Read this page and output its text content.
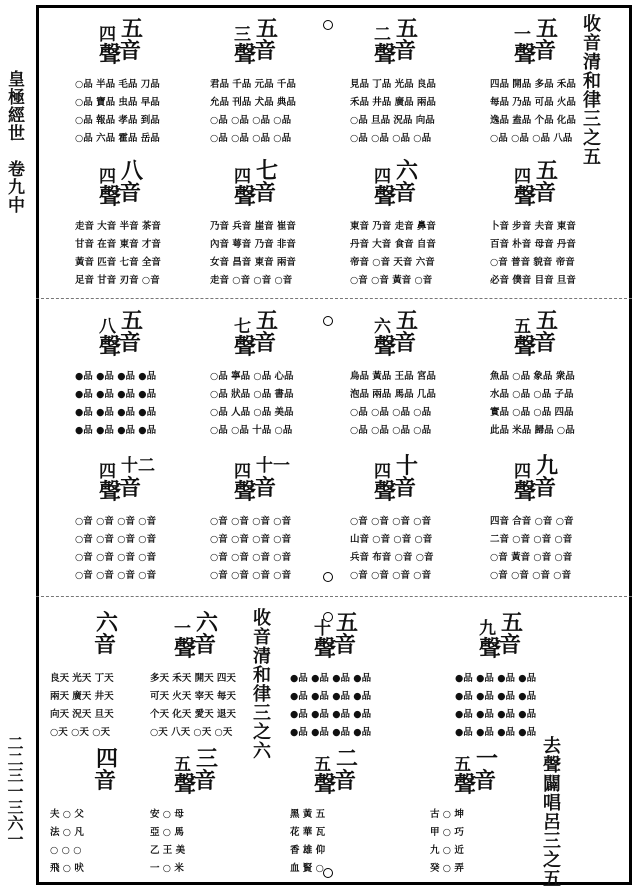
皇極經世　卷九中
二二三一三六一
收音清和律三之五
收音清和律三之六
去聲闢唱呂三之五
五
一
音
聲
四品 開品 多品 禾品
每品 乃品 可品 火品
逸品 盍品 个品 化品
○品 ○品 ○品 八品
五
二
音
聲
見品 丁品 光品 良品
禾品 井品 廣品 兩品
○品 旦品 況品 向品
○品 ○品 ○品 ○品
五
三
音
聲
君品 千品 元品 千品
允品 刊品 犬品 典品
○品 ○品 ○品 ○品
○品 ○品 ○品 ○品
五
四
音
聲
○品 半品 毛品 刀品
○品 寶品 虫品 早品
○品 報品 孝品 到品
○品 六品 霍品 岳品
五
四
音
聲
卜音 步音 夫音 東音
百音 朴音 母音 丹音
○音 普音 貌音 帝音
必音 僕音 目音 旦音
六
四
音
聲
東音 乃音 走音 鼻音
丹音 大音 食音 自音
帝音 ○音 天音 六音
○音 ○音 黃音 ○音
七
四
音
聲
乃音 兵音 崖音 崔音
內音 萼音 乃音 非音
女音 昌音 東音 兩音
走音 ○音 ○音 ○音
八
四
音
聲
走音 大音 半音 茶音
甘音 在音 東音 才音
黃音 匹音 七音 全音
足音 甘音 刃音 ○音
五
五
音
聲
魚品 ○品 象品 衆品
水品 ○品 ○品 子品
實品 ○品 ○品 四品
此品 米品 歸品 ○品
五
六
音
聲
烏品 黃品 王品 宮品
泡品 兩品 馬品 几品
○品 ○品 ○品 ○品
○品 ○品 ○品 ○品
五
七
音
聲
○品 寧品 ○品 心品
○品 狀品 ○品 書品
○品 人品 ○品 美品
○品 ○品 十品 ○品
五
八
音
聲
●品 ●品 ●品 ●品
●品 ●品 ●品 ●品
●品 ●品 ●品 ●品
●品 ●品 ●品 ●品
九
四
音
聲
四音 合音 ○音 ○音
二音 ○音 ○音 ○音
○音 黃音 ○音 ○音
○音 ○音 ○音 ○音
十
四
音
聲
○音 ○音 ○音 ○音
山音 ○音 ○音 ○音
兵音 布音 ○音 ○音
○音 ○音 ○音 ○音
十一
四
音
聲
○音 ○音 ○音 ○音
○音 ○音 ○音 ○音
○音 ○音 ○音 ○音
○音 ○音 ○音 ○音
十二
四
音
聲
○音 ○音 ○音 ○音
○音 ○音 ○音 ○音
○音 ○音 ○音 ○音
○音 ○音 ○音 ○音
五
九
音
聲
●品 ●品 ●品 ●品
●品 ●品 ●品 ●品
●品 ●品 ●品 ●品
●品 ●品 ●品 ●品
五
十
音
聲
●品 ●品 ●品 ●品
●品 ●品 ●品 ●品
●品 ●品 ●品 ●品
●品 ●品 ●品 ●品
六
一
音
聲
多天 禾天 開天 四天
可天 火天 宰天 每天
个天 化天 愛天 退天
○天 八天 ○天 ○天
六
音
良天 光天 丁天
兩天 廣天 井天
向天 況天 旦天
○天 ○天 ○天
一
五
音
聲
古 ○ 坤
甲 ○ 巧
九 ○ 近
癸 ○ 弄
二
五
音
聲
黑 黃 五
花 華 瓦
香 雄 仰
血 賢 ○
三
五
音
聲
安 ○ 母
亞 ○ 馬
乙 王 美
一 ○ 米
四
音
夫 ○ 父
法 ○ 凡
○ ○ ○
飛 ○ 吠
